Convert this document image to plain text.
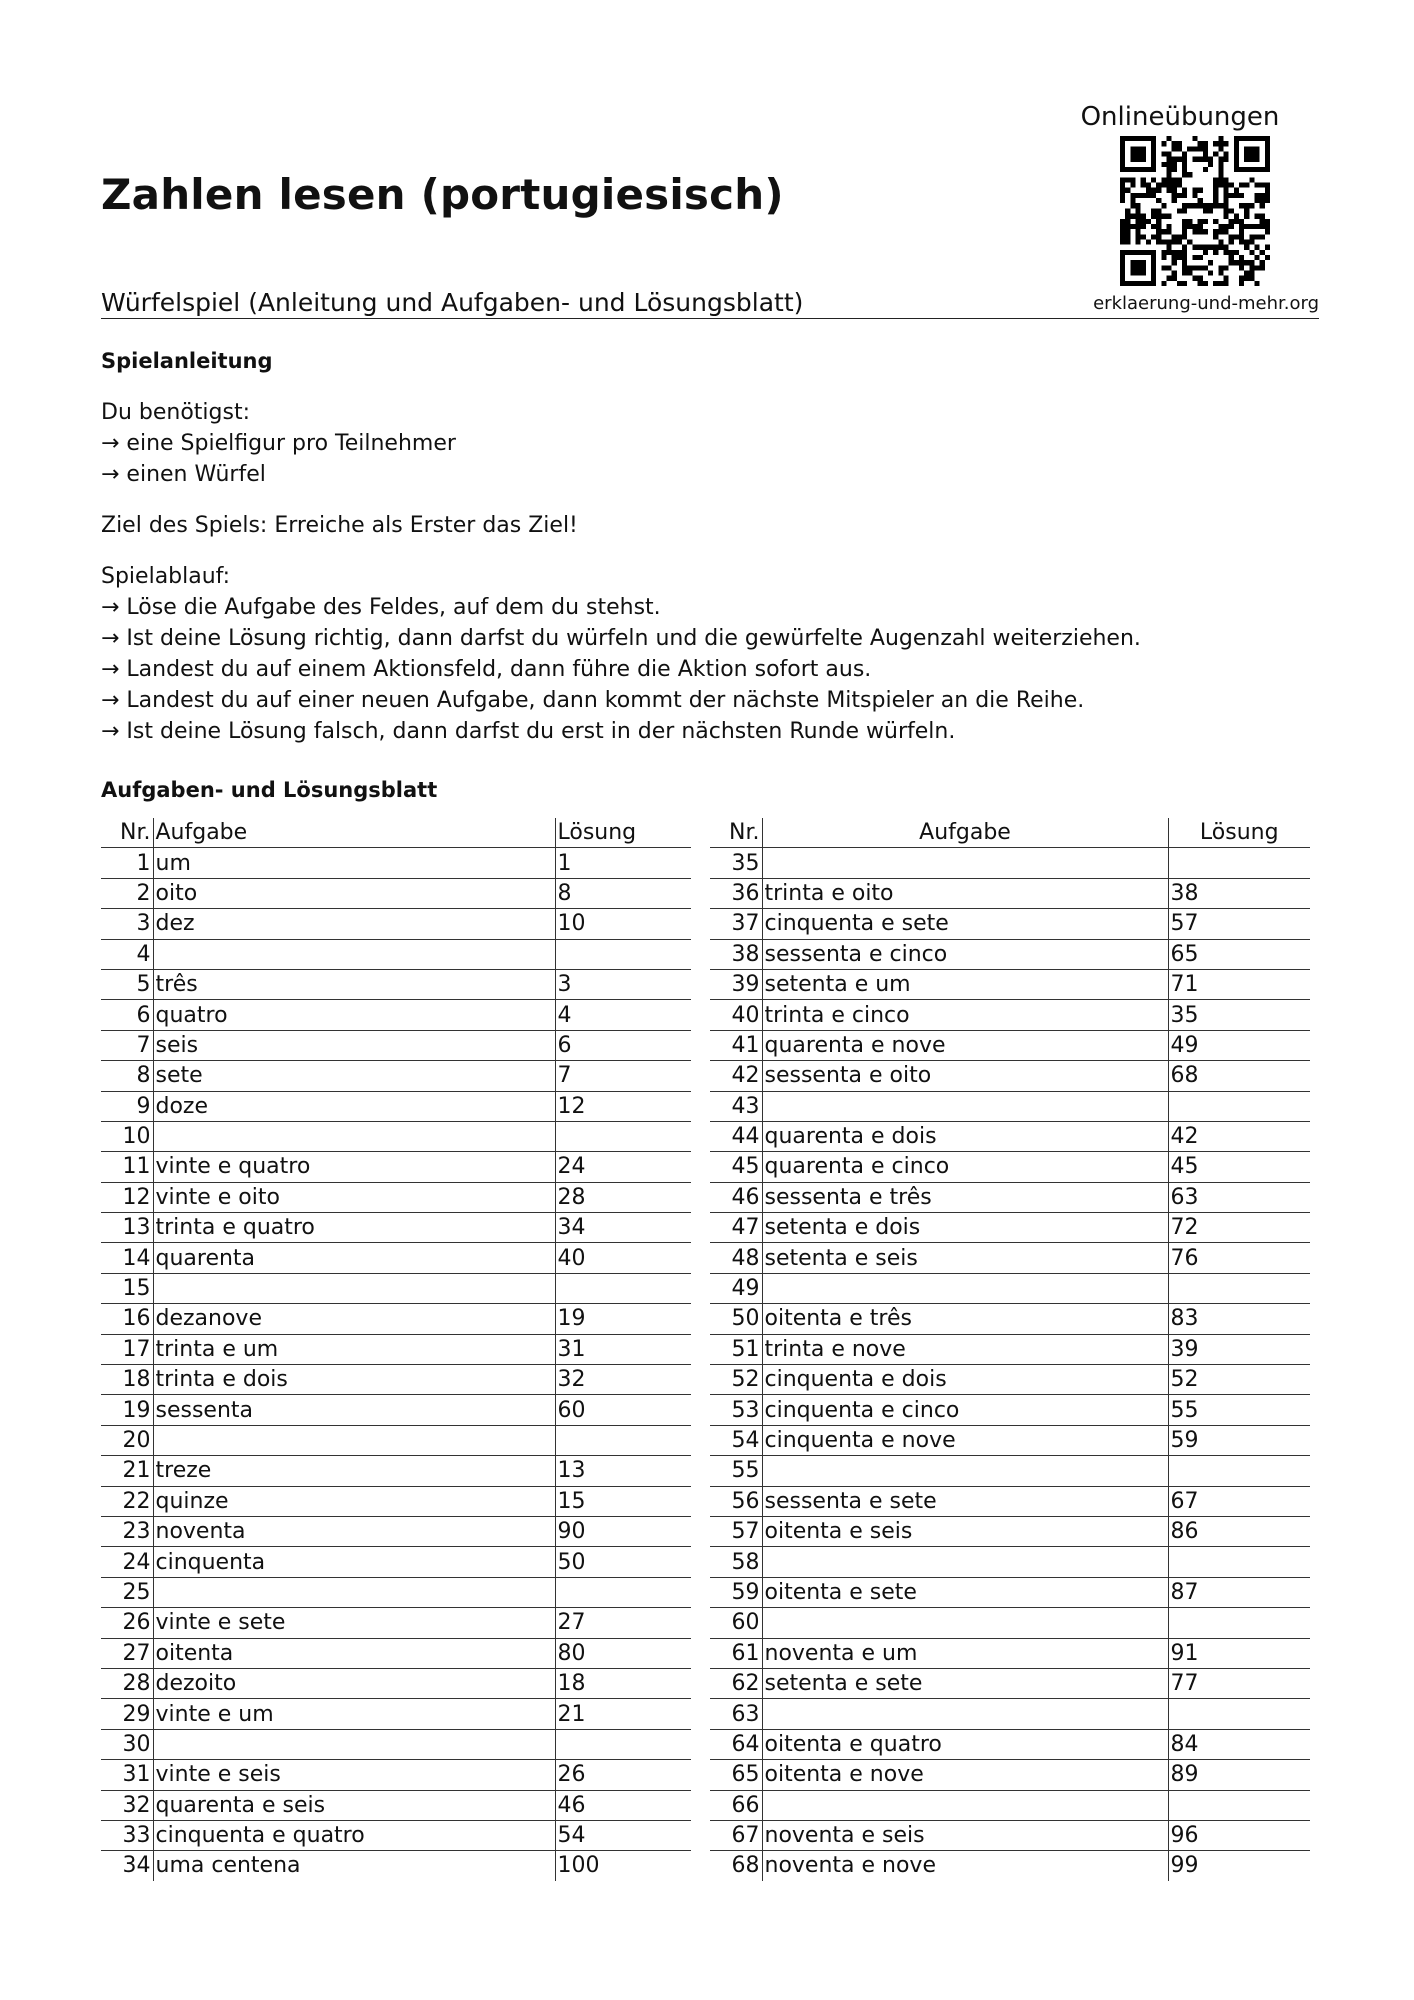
Zahlen lesen (portugiesisch)
Onlineübungen
Würfelspiel (Anleitung und Aufgaben- und Lösungsblatt)	erklaerung-und-mehr.org
Spielanleitung

Du benötigst:
→ eine Spielfigur pro Teilnehmer
→ einen Würfel

Ziel des Spiels: Erreiche als Erster das Ziel!

Spielablauf:
→ Löse die Aufgabe des Feldes, auf dem du stehst.
→ Ist deine Lösung richtig, dann darfst du würfeln und die gewürfelte Augenzahl weiterziehen.
→ Landest du auf einem Aktionsfeld, dann führe die Aktion sofort aus.
→ Landest du auf einer neuen Aufgabe, dann kommt der nächste Mitspieler an die Reihe.
→ Ist deine Lösung falsch, dann darfst du erst in der nächsten Runde würfeln.

Aufgaben- und Lösungsblatt
Nr.	Aufgabe	Lösung
1	um	1
2	oito	8
3	dez	10
4		
5	três	3
6	quatro	4
7	seis	6
8	sete	7
9	doze	12
10		
11	vinte e quatro	24
12	vinte e oito	28
13	trinta e quatro	34
14	quarenta	40
15		
16	dezanove	19
17	trinta e um	31
18	trinta e dois	32
19	sessenta	60
20		
21	treze	13
22	quinze	15
23	noventa	90
24	cinquenta	50
25		
26	vinte e sete	27
27	oitenta	80
28	dezoito	18
29	vinte e um	21
30		
31	vinte e seis	26
32	quarenta e seis	46
33	cinquenta e quatro	54
34	uma centena	100
Nr.	Aufgabe	Lösung
35		
36	trinta e oito	38
37	cinquenta e sete	57
38	sessenta e cinco	65
39	setenta e um	71
40	trinta e cinco	35
41	quarenta e nove	49
42	sessenta e oito	68
43		
44	quarenta e dois	42
45	quarenta e cinco	45
46	sessenta e três	63
47	setenta e dois	72
48	setenta e seis	76
49		
50	oitenta e três	83
51	trinta e nove	39
52	cinquenta e dois	52
53	cinquenta e cinco	55
54	cinquenta e nove	59
55		
56	sessenta e sete	67
57	oitenta e seis	86
58		
59	oitenta e sete	87
60		
61	noventa e um	91
62	setenta e sete	77
63		
64	oitenta e quatro	84
65	oitenta e nove	89
66		
67	noventa e seis	96
68	noventa e nove	99
